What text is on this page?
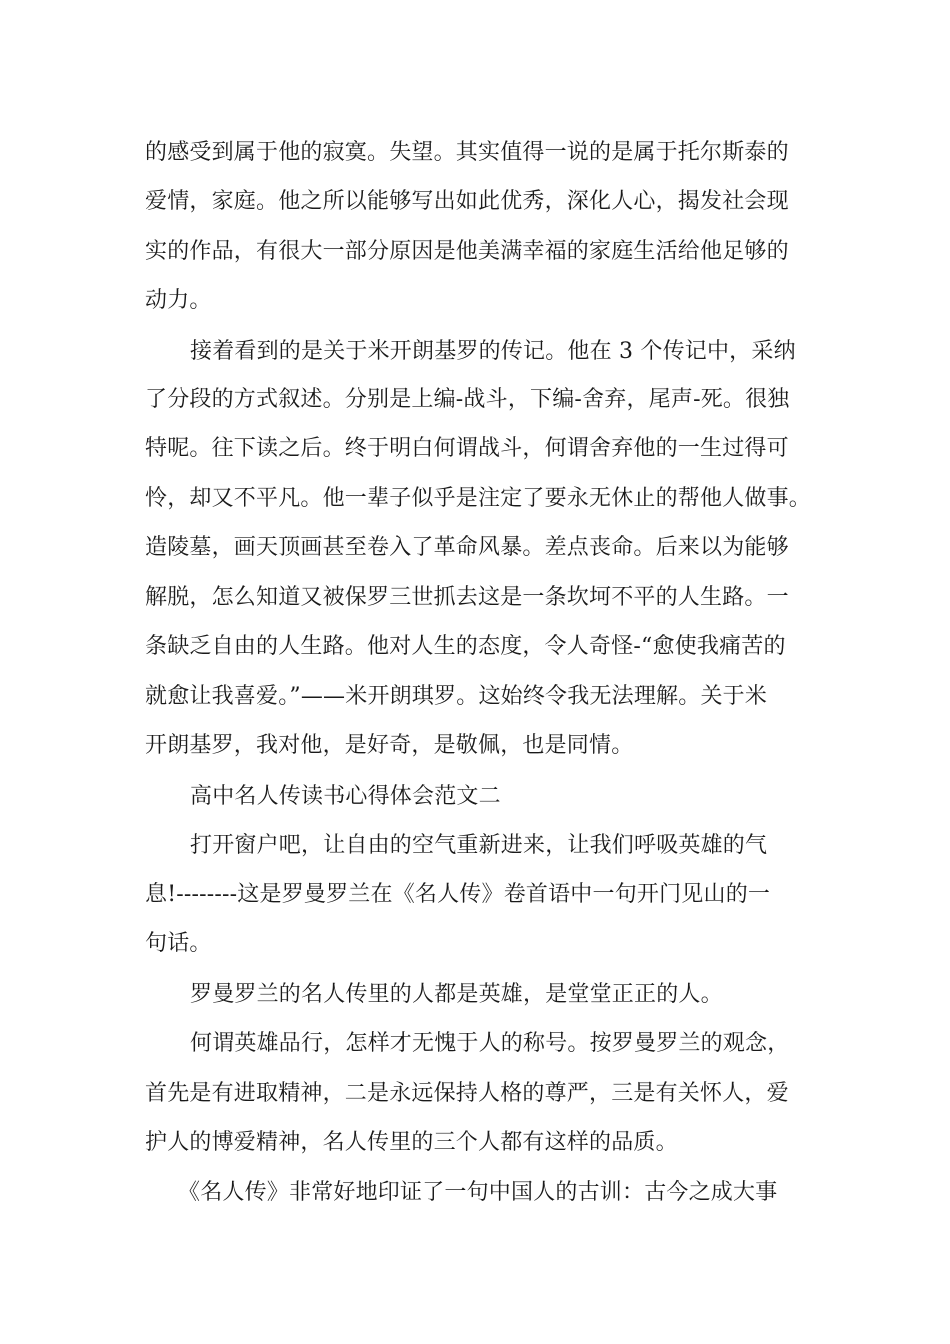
的感受到属于他的寂寞。失望。其实值得一说的是属于托尔斯泰的

爱情，家庭。他之所以能够写出如此优秀，深化人心，揭发社会现

实的作品，有很大一部分原因是他美满幸福的家庭生活给他足够的

动力。

接着看到的是关于米开朗基罗的传记。他在 3 个传记中，采纳

了分段的方式叙述。分别是上编-战斗，下编-舍弃，尾声-死。很独

特呢。往下读之后。终于明白何谓战斗，何谓舍弃他的一生过得可

怜，却又不平凡。他一辈子似乎是注定了要永无休止的帮他人做事。

造陵墓，画天顶画甚至卷入了革命风暴。差点丧命。后来以为能够

解脱，怎么知道又被保罗三世抓去这是一条坎坷不平的人生路。一

条缺乏自由的人生路。他对人生的态度，令人奇怪-“愈使我痛苦的

就愈让我喜爱。”——米开朗琪罗。这始终令我无法理解。关于米

开朗基罗，我对他，是好奇，是敬佩，也是同情。

高中名人传读书心得体会范文二

打开窗户吧，让自由的空气重新进来，让我们呼吸英雄的气

息!--------这是罗曼罗兰在《名人传》卷首语中一句开门见山的一

句话。

罗曼罗兰的名人传里的人都是英雄，是堂堂正正的人。

何谓英雄品行，怎样才无愧于人的称号。按罗曼罗兰的观念，

首先是有进取精神，二是永远保持人格的尊严，三是有关怀人，爱

护人的博爱精神，名人传里的三个人都有这样的品质。

《名人传》非常好地印证了一句中国人的古训：古今之成大事
